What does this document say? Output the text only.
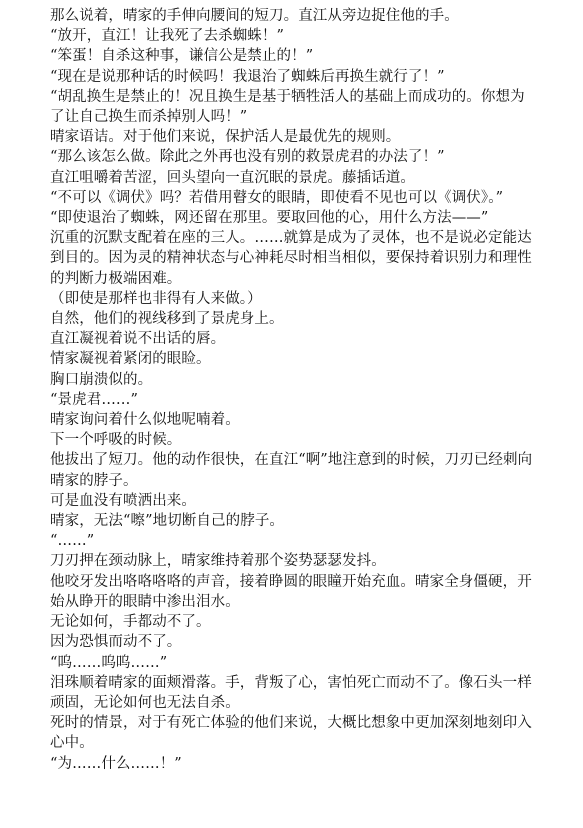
那么说着，晴家的手伸向腰间的短刀。直江从旁边捉住他的手。

“放开，直江！让我死了去杀蜘蛛！”

“笨蛋！自杀这种事，谦信公是禁止的！”

“现在是说那种话的时候吗！我退治了蜘蛛后再换生就行了！”

“胡乱换生是禁止的！况且换生是基于牺牲活人的基础上而成功的。你想为了让自己换生而杀掉别人吗！”

晴家语诘。对于他们来说，保护活人是最优先的规则。

“那么该怎么做。除此之外再也没有别的救景虎君的办法了！”

直江咀嚼着苦涩，回头望向一直沉眠的景虎。藤插话道。

“不可以《调伏》吗？若借用瞽女的眼睛，即使看不见也可以《调伏》。”

“即使退治了蜘蛛，网还留在那里。要取回他的心，用什么方法——”

沉重的沉默支配着在座的三人。……就算是成为了灵体，也不是说必定能达到目的。因为灵的精神状态与心神耗尽时相当相似，要保持着识别力和理性的判断力极端困难。

（即使是那样也非得有人来做。）

自然，他们的视线移到了景虎身上。

直江凝视着说不出话的唇。

情家凝视着紧闭的眼睑。

胸口崩溃似的。

“景虎君……”

晴家询问着什么似地呢喃着。

下一个呼吸的时候。

他拔出了短刀。他的动作很快，在直江“啊”地注意到的时候，刀刃已经刺向晴家的脖子。

可是血没有喷洒出来。

晴家，无法“嚓”地切断自己的脖子。

“……”

刀刃押在颈动脉上，晴家维持着那个姿势瑟瑟发抖。

他咬牙发出咯咯咯咯的声音，接着睁圆的眼瞳开始充血。晴家全身僵硬，开始从睁开的眼睛中渗出泪水。

无论如何，手都动不了。

因为恐惧而动不了。

“呜……呜呜……”

泪珠顺着晴家的面颊滑落。手，背叛了心，害怕死亡而动不了。像石头一样顽固，无论如何也无法自杀。

死时的情景，对于有死亡体验的他们来说，大概比想象中更加深刻地刻印入心中。

“为……什么……！”
